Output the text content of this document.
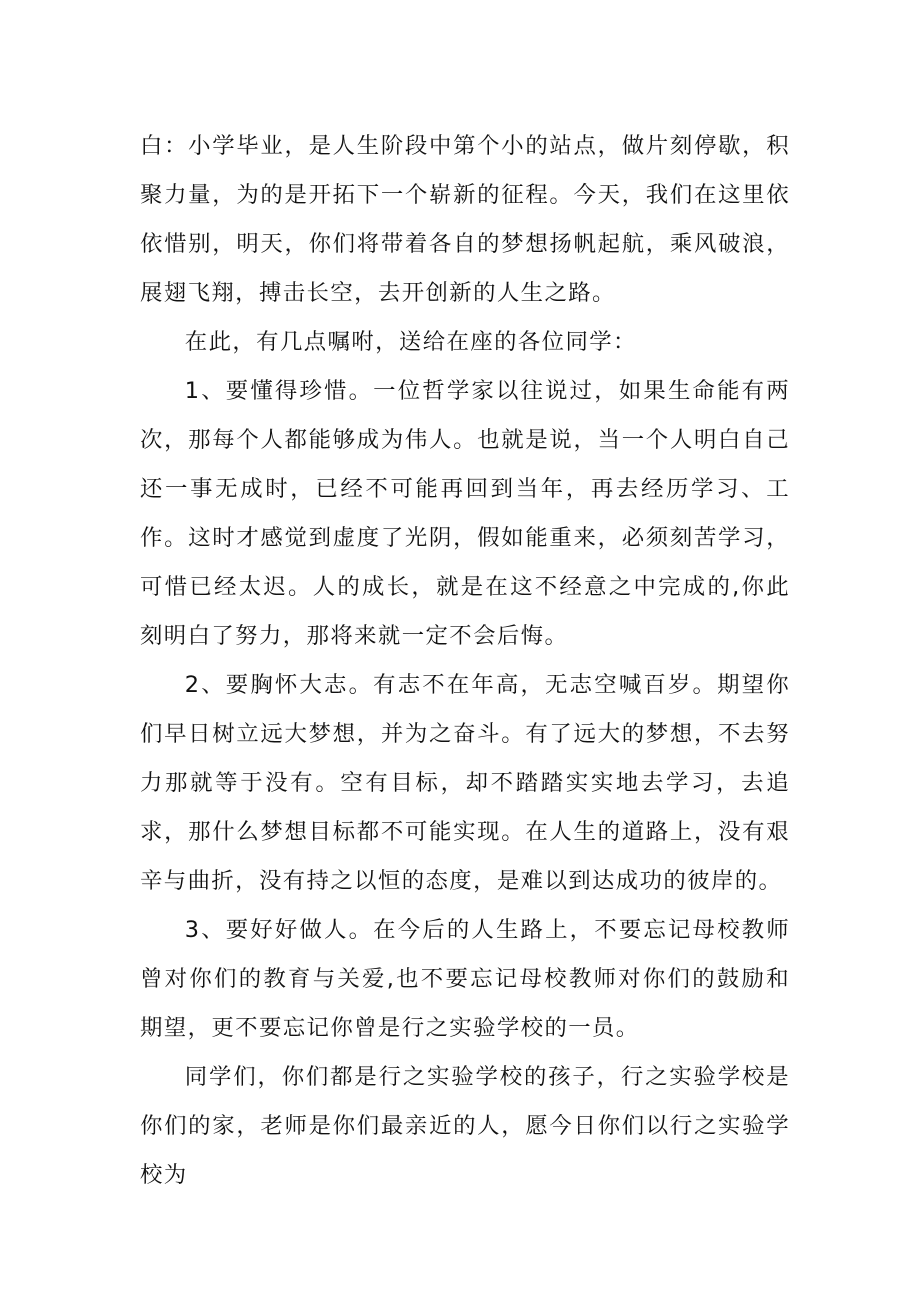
白：小学毕业，是人生阶段中第个小的站点，做片刻停歇，积聚力量，为的是开拓下一个崭新的征程。今天，我们在这里依依惜别，明天，你们将带着各自的梦想扬帆起航，乘风破浪，展翅飞翔，搏击长空，去开创新的人生之路。

在此，有几点嘱咐，送给在座的各位同学：

1、要懂得珍惜。一位哲学家以往说过，如果生命能有两次，那每个人都能够成为伟人。也就是说，当一个人明白自己还一事无成时，已经不可能再回到当年，再去经历学习、工作。这时才感觉到虚度了光阴，假如能重来，必须刻苦学习，可惜已经太迟。人的成长，就是在这不经意之中完成的,你此刻明白了努力，那将来就一定不会后悔。

2、要胸怀大志。有志不在年高，无志空喊百岁。期望你们早日树立远大梦想，并为之奋斗。有了远大的梦想，不去努力那就等于没有。空有目标，却不踏踏实实地去学习，去追求，那什么梦想目标都不可能实现。在人生的道路上，没有艰辛与曲折，没有持之以恒的态度，是难以到达成功的彼岸的。

3、要好好做人。在今后的人生路上，不要忘记母校教师曾对你们的教育与关爱,也不要忘记母校教师对你们的鼓励和期望，更不要忘记你曾是行之实验学校的一员。

同学们，你们都是行之实验学校的孩子，行之实验学校是你们的家，老师是你们最亲近的人，愿今日你们以行之实验学校为
